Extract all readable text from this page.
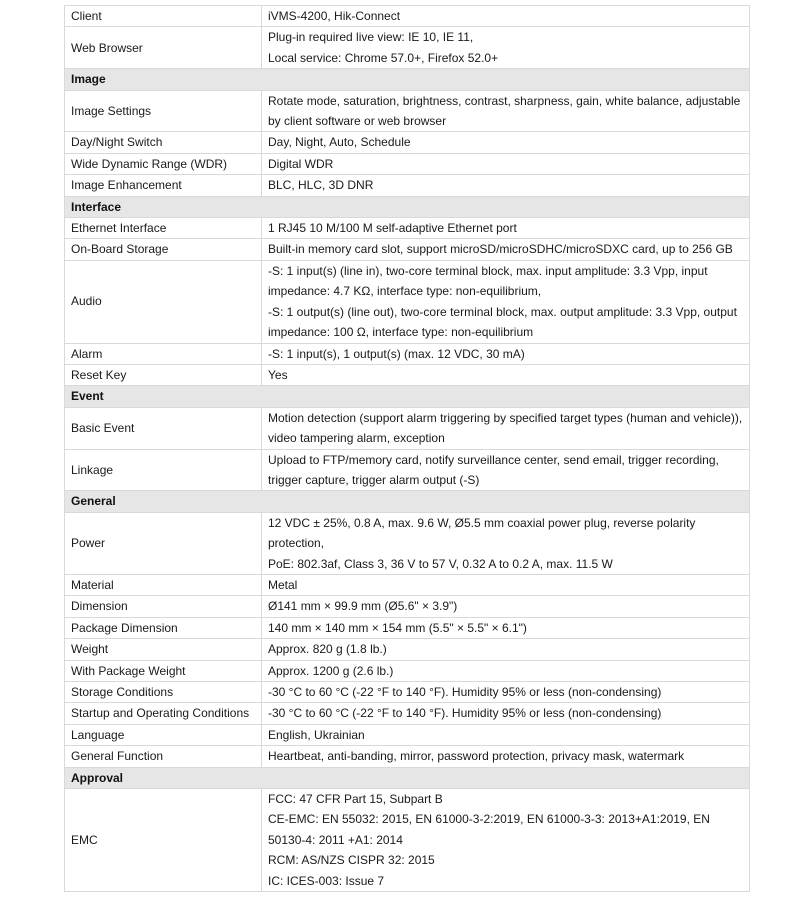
Client	iVMS-4200, Hik-Connect

Web Browser	Plug-in required live view: IE 10, IE 11,
Local service: Chrome 57.0+, Firefox 52.0+

Image	
Image Settings	Rotate mode, saturation, brightness, contrast, sharpness, gain, white balance, adjustable by client software or web browser

Day/Night Switch	Day, Night, Auto, Schedule

Wide Dynamic Range (WDR)	Digital WDR

Image Enhancement	BLC, HLC, 3D DNR

Interface	
Ethernet Interface	1 RJ45 10 M/100 M self-adaptive Ethernet port

On-Board Storage	Built-in memory card slot, support microSD/microSDHC/microSDXC card, up to 256 GB

Audio	-S: 1 input(s) (line in), two-core terminal block, max. input amplitude: 3.3 Vpp, input impedance: 4.7 KΩ, interface type: non-equilibrium,
-S: 1 output(s) (line out), two-core terminal block, max. output amplitude: 3.3 Vpp, output impedance: 100 Ω, interface type: non-equilibrium

Alarm	-S: 1 input(s), 1 output(s) (max. 12 VDC, 30 mA)

Reset Key	Yes

Event	
Basic Event	Motion detection (support alarm triggering by specified target types (human and vehicle)), video tampering alarm, exception

Linkage	Upload to FTP/memory card, notify surveillance center, send email, trigger recording, trigger capture, trigger alarm output (-S)

General	
Power	12 VDC ± 25%, 0.8 A, max. 9.6 W, Ø5.5 mm coaxial power plug, reverse polarity protection,
PoE: 802.3af, Class 3, 36 V to 57 V, 0.32 A to 0.2 A, max. 11.5 W

Material	Metal

Dimension	Ø141 mm × 99.9 mm (Ø5.6" × 3.9")

Package Dimension	140 mm × 140 mm × 154 mm (5.5" × 5.5" × 6.1")

Weight	Approx. 820 g (1.8 lb.)

With Package Weight	Approx. 1200 g (2.6 lb.)

Storage Conditions	-30 °C to 60 °C (-22 °F to 140 °F). Humidity 95% or less (non-condensing)

Startup and Operating Conditions	-30 °C to 60 °C (-22 °F to 140 °F). Humidity 95% or less (non-condensing)

Language	English, Ukrainian

General Function	Heartbeat, anti-banding, mirror, password protection, privacy mask, watermark

Approval	
EMC	FCC: 47 CFR Part 15, Subpart B
CE-EMC: EN 55032: 2015, EN 61000-3-2:2019, EN 61000-3-3: 2013+A1:2019, EN 50130-4: 2011 +A1: 2014
RCM: AS/NZS CISPR 32: 2015
IC: ICES-003: Issue 7
